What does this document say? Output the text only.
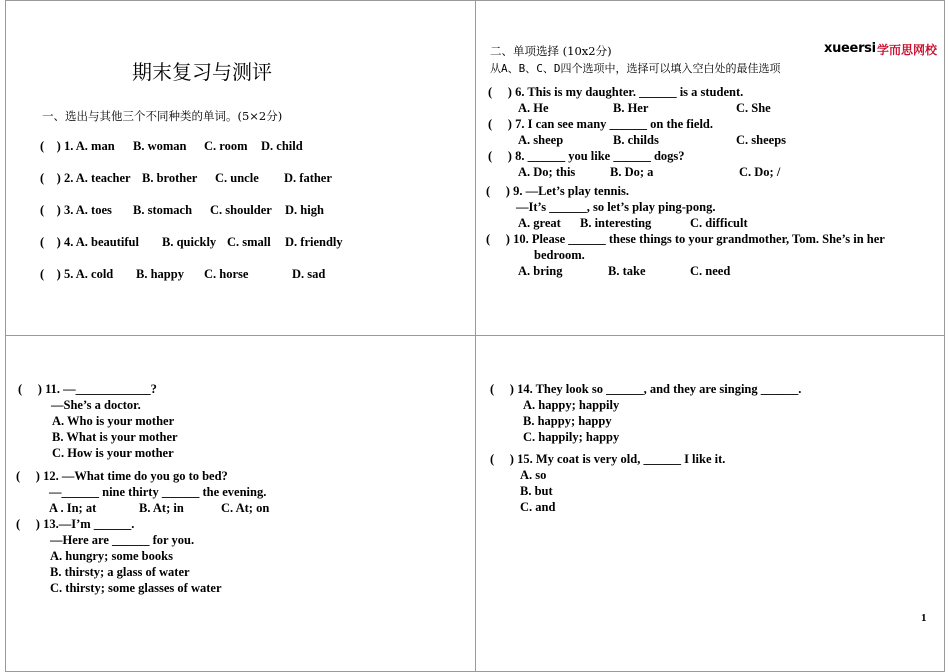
期末复习与测评
一、选出与其他三个不同种类的单词。(5×2分)
(    ) 1. A. man B. woman C. room D. child
(    ) 2. A. teacher B. brother C. uncle D. father
(    ) 3. A. toes B. stomach C. shoulder D. high
(    ) 4. A. beautiful B. quickly C. small D. friendly
(    ) 5. A. cold B. happy C. horse	D. sad
xueersi 学而思网校
二、单项选择 (10x2分)
从A、B、C、D四个选项中，选择可以填入空白处的最佳选项
(     ) 6. This is my daughter. ______ is a student.
A. He	B. Her	C. She
(     ) 7. I can see many ______ on the field.
A. sheep	B. childs	C. sheeps
(     ) 8. ______ you like ______ dogs?
A. Do; this	B. Do; a	C. Do; /
(     ) 9. —Let’s play tennis.
—It’s ______, so let’s play ping-pong.
A. great B. interesting	C. difficult
(     ) 10. Please ______ these things to your grandmother, Tom. She’s in her
bedroom.
A. bring	B. take	C. need
(     ) 11. —____________?
—She’s a doctor.
A. Who is your mother
B. What is your mother
C. How is your mother
(     ) 12. —What time do you go to bed?
—______ nine thirty ______ the evening.
A . In; at	B. At; in	C. At; on
(     ) 13.—I’m ______.
—Here are ______ for you.
A. hungry; some books
B. thirsty; a glass of water
C. thirsty; some glasses of water
(     ) 14. They look so ______, and they are singing ______.
A. happy; happily
B. happy; happy
C. happily; happy
(     ) 15. My coat is very old, ______ I like it.
A. so
B. but
C. and
1
